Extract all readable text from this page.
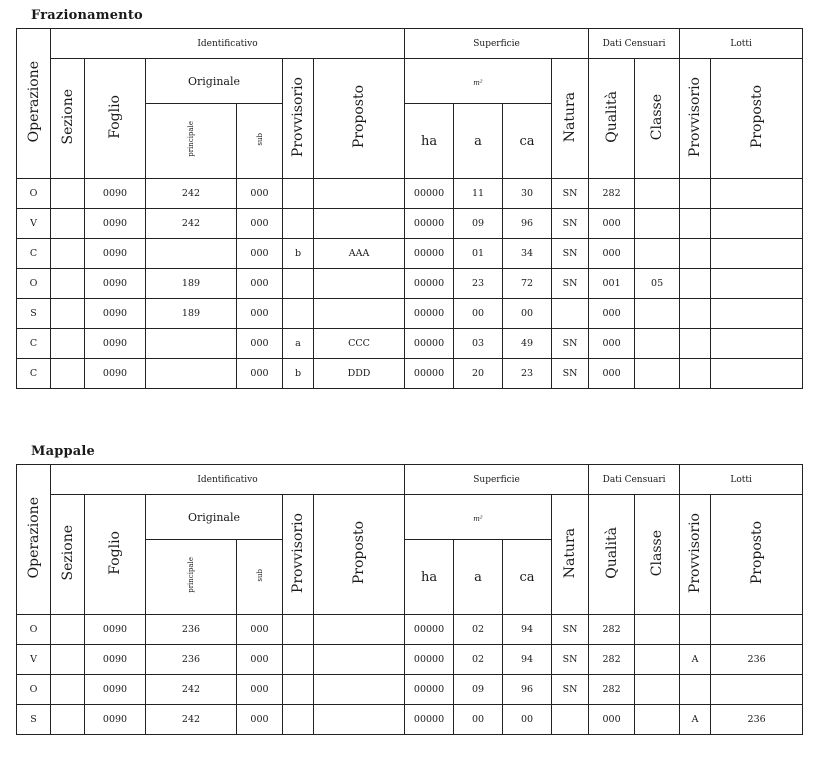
Frazionamento
Operazione	Identificativo						Superficie				Dati Censuari		Lotti	
	Sezione	Foglio	Originale		Provvisorio	Proposto	m²			Natura	Qualità	Classe	Provvisorio	Proposto
			principale	sub			ha	a	ca					
O		0090	242	000			00000	11	30	SN	282			
V		0090	242	000			00000	09	96	SN	000			
C		0090		000	b	AAA	00000	01	34	SN	000			
O		0090	189	000			00000	23	72	SN	001	05		
S		0090	189	000			00000	00	00		000			
C		0090		000	a	CCC	00000	03	49	SN	000			
C		0090		000	b	DDD	00000	20	23	SN	000			
Mappale
Operazione	Identificativo						Superficie				Dati Censuari		Lotti	
	Sezione	Foglio	Originale		Provvisorio	Proposto	m²			Natura	Qualità	Classe	Provvisorio	Proposto
			principale	sub			ha	a	ca					
O		0090	236	000			00000	02	94	SN	282			
V		0090	236	000			00000	02	94	SN	282		A	236
O		0090	242	000			00000	09	96	SN	282			
S		0090	242	000			00000	00	00		000		A	236
